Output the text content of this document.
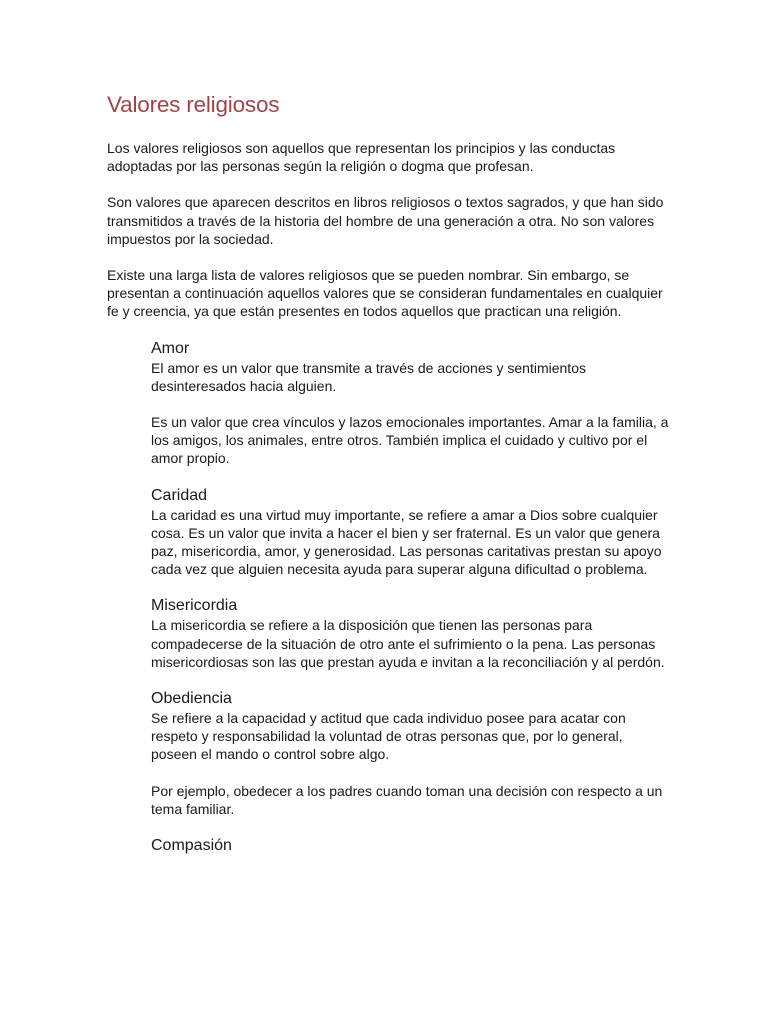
Valores religiosos

Los valores religiosos son aquellos que representan los principios y las conductas adoptadas por las personas según la religión o dogma que profesan.

Son valores que aparecen descritos en libros religiosos o textos sagrados, y que han sido transmitidos a través de la historia del hombre de una generación a otra. No son valores impuestos por la sociedad.

Existe una larga lista de valores religiosos que se pueden nombrar. Sin embargo, se presentan a continuación aquellos valores que se consideran fundamentales en cualquier fe y creencia, ya que están presentes en todos aquellos que practican una religión.

Amor

El amor es un valor que transmite a través de acciones y sentimientos desinteresados hacia alguien.

Es un valor que crea vínculos y lazos emocionales importantes. Amar a la familia, a los amigos, los animales, entre otros. También implica el cuidado y cultivo por el amor propio.

Caridad

La caridad es una virtud muy importante, se refiere a amar a Dios sobre cualquier cosa. Es un valor que invita a hacer el bien y ser fraternal. Es un valor que genera paz, misericordia, amor, y generosidad. Las personas caritativas prestan su apoyo cada vez que alguien necesita ayuda para superar alguna dificultad o problema.

Misericordia

La misericordia se refiere a la disposición que tienen las personas para compadecerse de la situación de otro ante el sufrimiento o la pena. Las personas misericordiosas son las que prestan ayuda e invitan a la reconciliación y al perdón.

Obediencia

Se refiere a la capacidad y actitud que cada individuo posee para acatar con respeto y responsabilidad la voluntad de otras personas que, por lo general, poseen el mando o control sobre algo.

Por ejemplo, obedecer a los padres cuando toman una decisión con respecto a un tema familiar.

Compasión
